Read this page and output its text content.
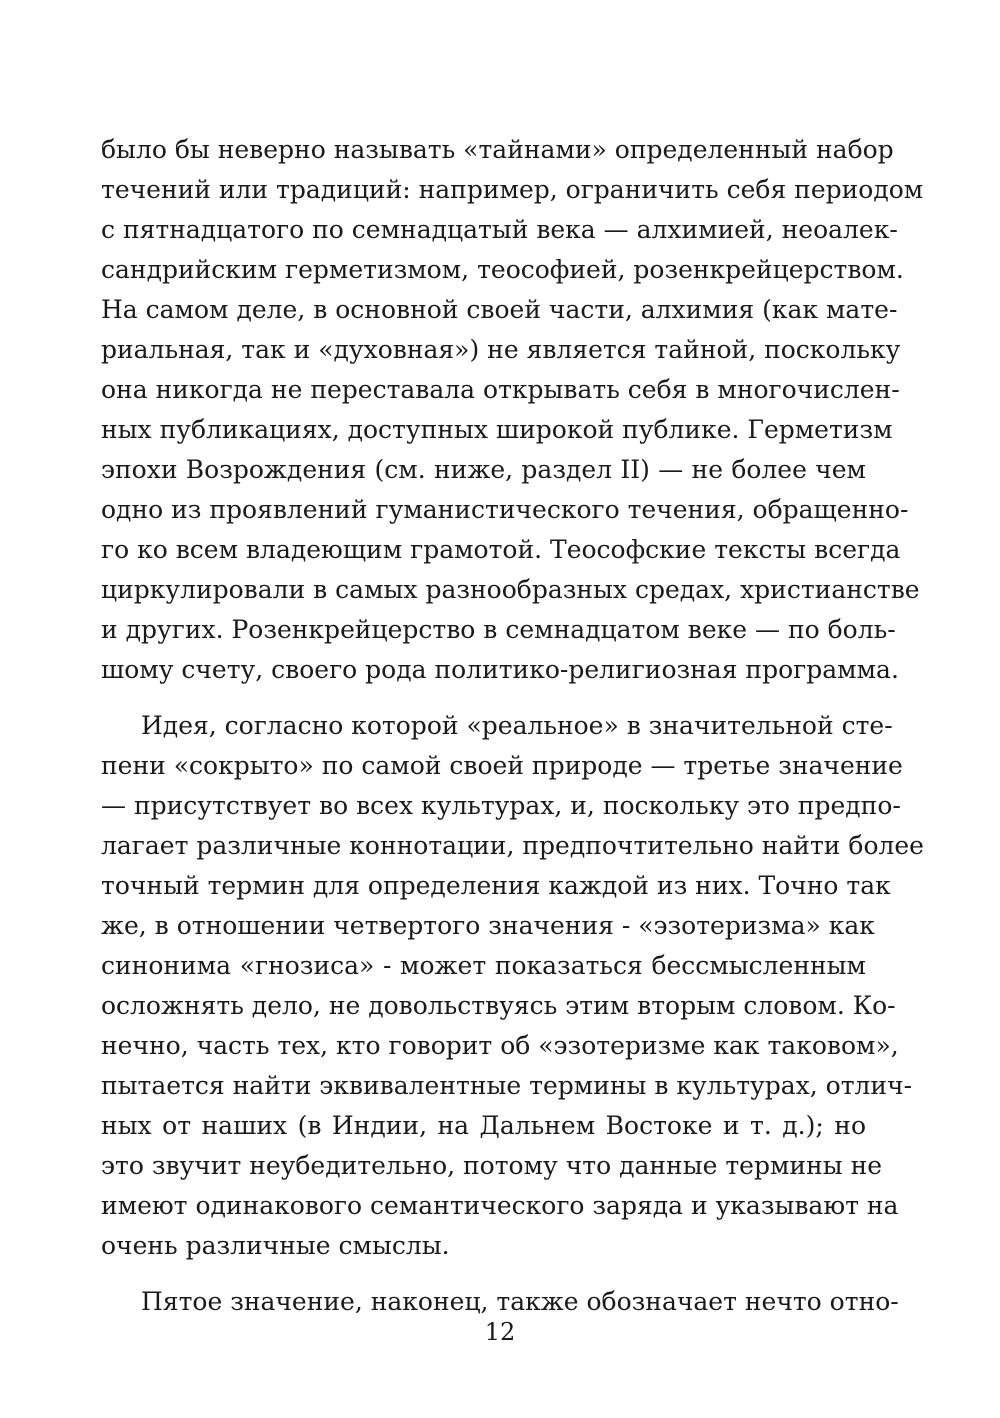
было бы неверно называть «тайнами» определенный набор
течений или традиций: например, ограничить себя периодом
с пятнадцатого по семнадцатый века — алхимией, неоалек-
сандрийским герметизмом, теософией, розенкрейцерством.
На самом деле, в основной своей части, алхимия (как мате-
риальная, так и «духовная») не является тайной, поскольку
она никогда не переставала открывать себя в многочислен-
ных публикациях, доступных широкой публике. Герметизм
эпохи Возрождения (см. ниже, раздел II) — не более чем
одно из проявлений гуманистического течения, обращенно-
го ко всем владеющим грамотой. Теософские тексты всегда
циркулировали в самых разнообразных средах, христианстве
и других. Розенкрейцерство в семнадцатом веке — по боль-
шому счету, своего рода политико-религиозная программа.
Идея, согласно которой «реальное» в значительной сте-
пени «сокрыто» по самой своей природе — третье значение
— присутствует во всех культурах, и, поскольку это предпо-
лагает различные коннотации, предпочтительно найти более
точный термин для определения каждой из них. Точно так
же, в отношении четвертого значения - «эзотеризма» как
синонима «гнозиса» - может показаться бессмысленным
осложнять дело, не довольствуясь этим вторым словом. Ко-
нечно, часть тех, кто говорит об «эзотеризме как таковом»,
пытается найти эквивалентные термины в культурах, отлич-
ных от наших (в Индии, на Дальнем Востоке и т. д.); но
это звучит неубедительно, потому что данные термины не
имеют одинакового семантического заряда и указывают на
очень различные смыслы.
Пятое значение, наконец, также обозначает нечто отно-
12
